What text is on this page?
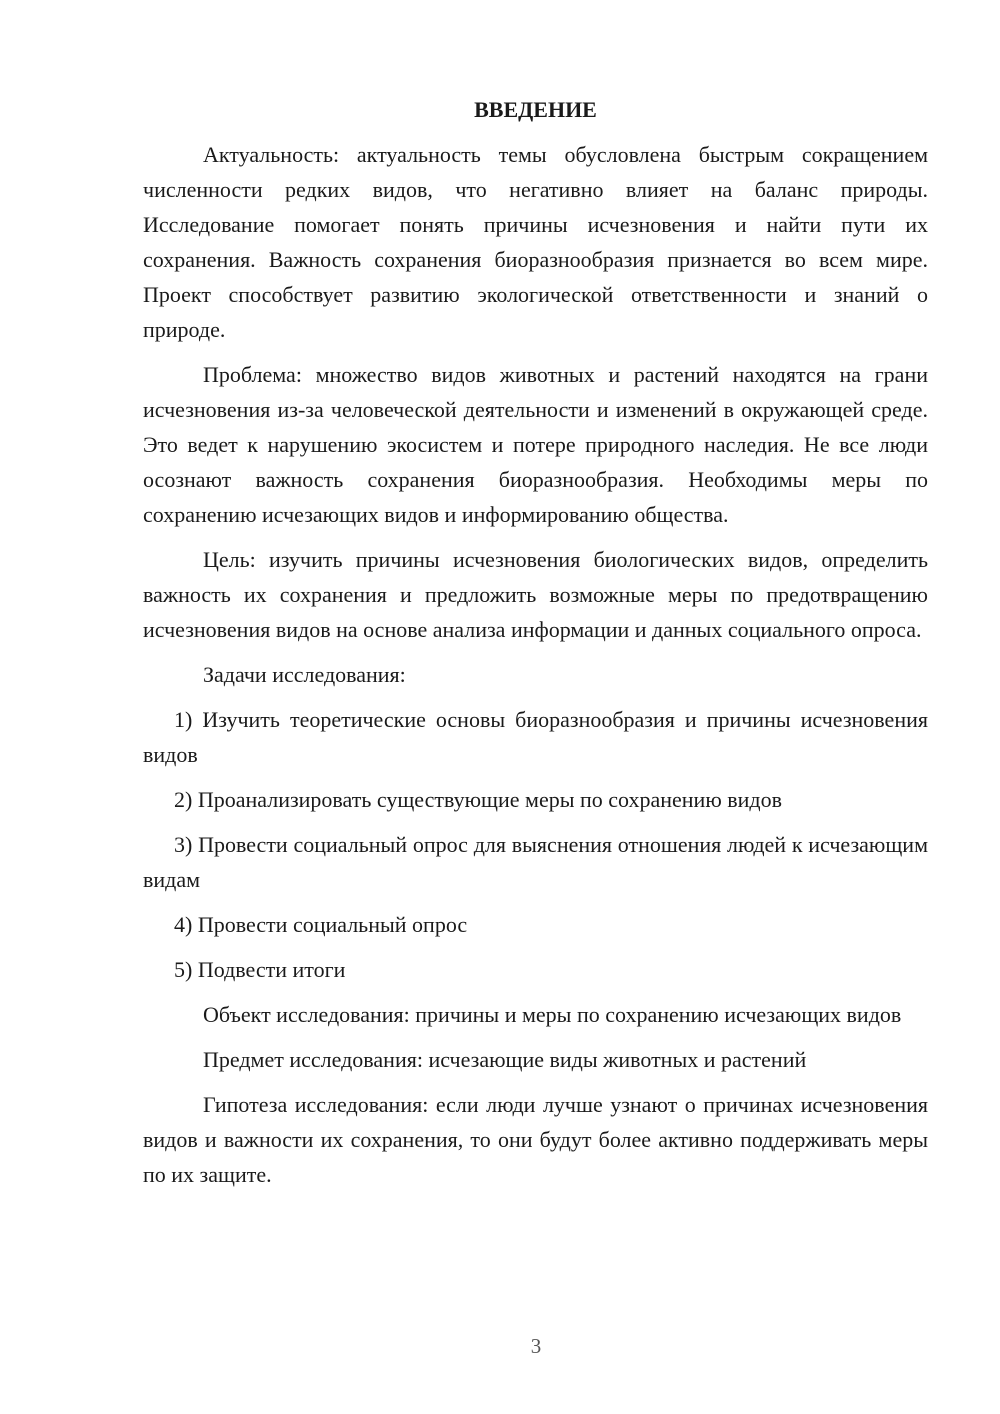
ВВЕДЕНИЕ

Актуальность: актуальность темы обусловлена быстрым сокращением численности редких видов, что негативно влияет на баланс природы. Исследование помогает понять причины исчезновения и найти пути их сохранения. Важность сохранения биоразнообразия признается во всем мире. Проект способствует развитию экологической ответственности и знаний о природе.

Проблема: множество видов животных и растений находятся на грани исчезновения из-за человеческой деятельности и изменений в окружающей среде. Это ведет к нарушению экосистем и потере природного наследия. Не все люди осознают важность сохранения биоразнообразия. Необходимы меры по сохранению исчезающих видов и информированию общества.

Цель: изучить причины исчезновения биологических видов, определить важность их сохранения и предложить возможные меры по предотвращению исчезновения видов на основе анализа информации и данных социального опроса.

Задачи исследования:

1) Изучить теоретические основы биоразнообразия и причины исчезновения видов

2) Проанализировать существующие меры по сохранению видов

3) Провести социальный опрос для выяснения отношения людей к исчезающим видам

4) Провести социальный опрос

5) Подвести итоги

Объект исследования: причины и меры по сохранению исчезающих видов

Предмет исследования: исчезающие виды животных и растений

Гипотеза исследования: если люди лучше узнают о причинах исчезновения видов и важности их сохранения, то они будут более активно поддерживать меры по их защите.

3
